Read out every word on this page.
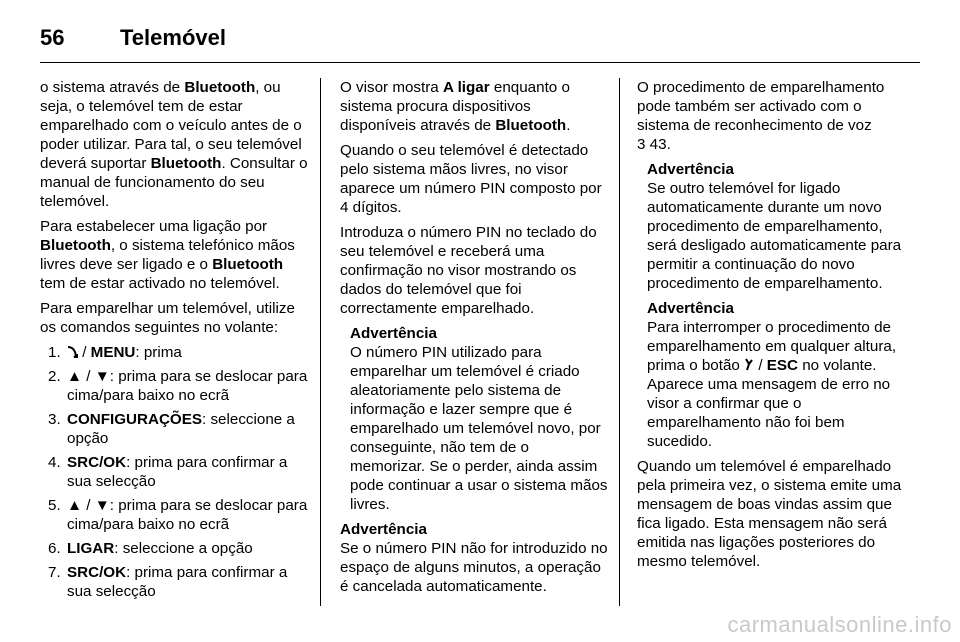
56	Telemóvel

o sistema através de Bluetooth, ou seja, o telemóvel tem de estar emparelhado com o veículo antes de o poder utilizar. Para tal, o seu telemóvel deverá suportar Bluetooth. Consultar o manual de funcionamento do seu telemóvel.

Para estabelecer uma ligação por Bluetooth, o sistema telefónico mãos livres deve ser ligado e o Bluetooth tem de estar activado no telemóvel.

Para emparelhar um telemóvel, utilize os comandos seguintes no volante:

1.	/ MENU: prima
2. ▲ / ▼: prima para se deslocar para cima/para baixo no ecrã
3. CONFIGURAÇÕES: seleccione a opção
4. SRC/OK: prima para confirmar a sua selecção
5. ▲ / ▼: prima para se deslocar para cima/para baixo no ecrã
6. LIGAR: seleccione a opção
7. SRC/OK: prima para confirmar a sua selecção

O visor mostra A ligar enquanto o sistema procura dispositivos disponíveis através de Bluetooth.

Quando o seu telemóvel é detectado pelo sistema mãos livres, no visor aparece um número PIN composto por 4 dígitos.

Introduza o número PIN no teclado do seu telemóvel e receberá uma confirmação no visor mostrando os dados do telemóvel que foi correctamente emparelhado.

Advertência
O número PIN utilizado para emparelhar um telemóvel é criado aleatoriamente pelo sistema de informação e lazer sempre que é emparelhado um telemóvel novo, por conseguinte, não tem de o memorizar. Se o perder, ainda assim pode continuar a usar o sistema mãos livres.
Advertência
Se o número PIN não for introduzido no espaço de alguns minutos, a operação é cancelada automaticamente.

O procedimento de emparelhamento pode também ser activado com o sistema de reconhecimento de voz
3 43.

Advertência
Se outro telemóvel for ligado automaticamente durante um novo procedimento de emparelhamento, será desligado automaticamente para permitir a continuação do novo procedimento de emparelhamento.
Advertência
Para interromper o procedimento de emparelhamento em qualquer altura, prima o botão  / ESC no volante. Aparece uma mensagem de erro no visor a confirmar que o emparelhamento não foi bem sucedido.

Quando um telemóvel é emparelhado pela primeira vez, o sistema emite uma mensagem de boas vindas assim que fica ligado. Esta mensagem não será emitida nas ligações posteriores do mesmo telemóvel.

carmanualsonline.info
